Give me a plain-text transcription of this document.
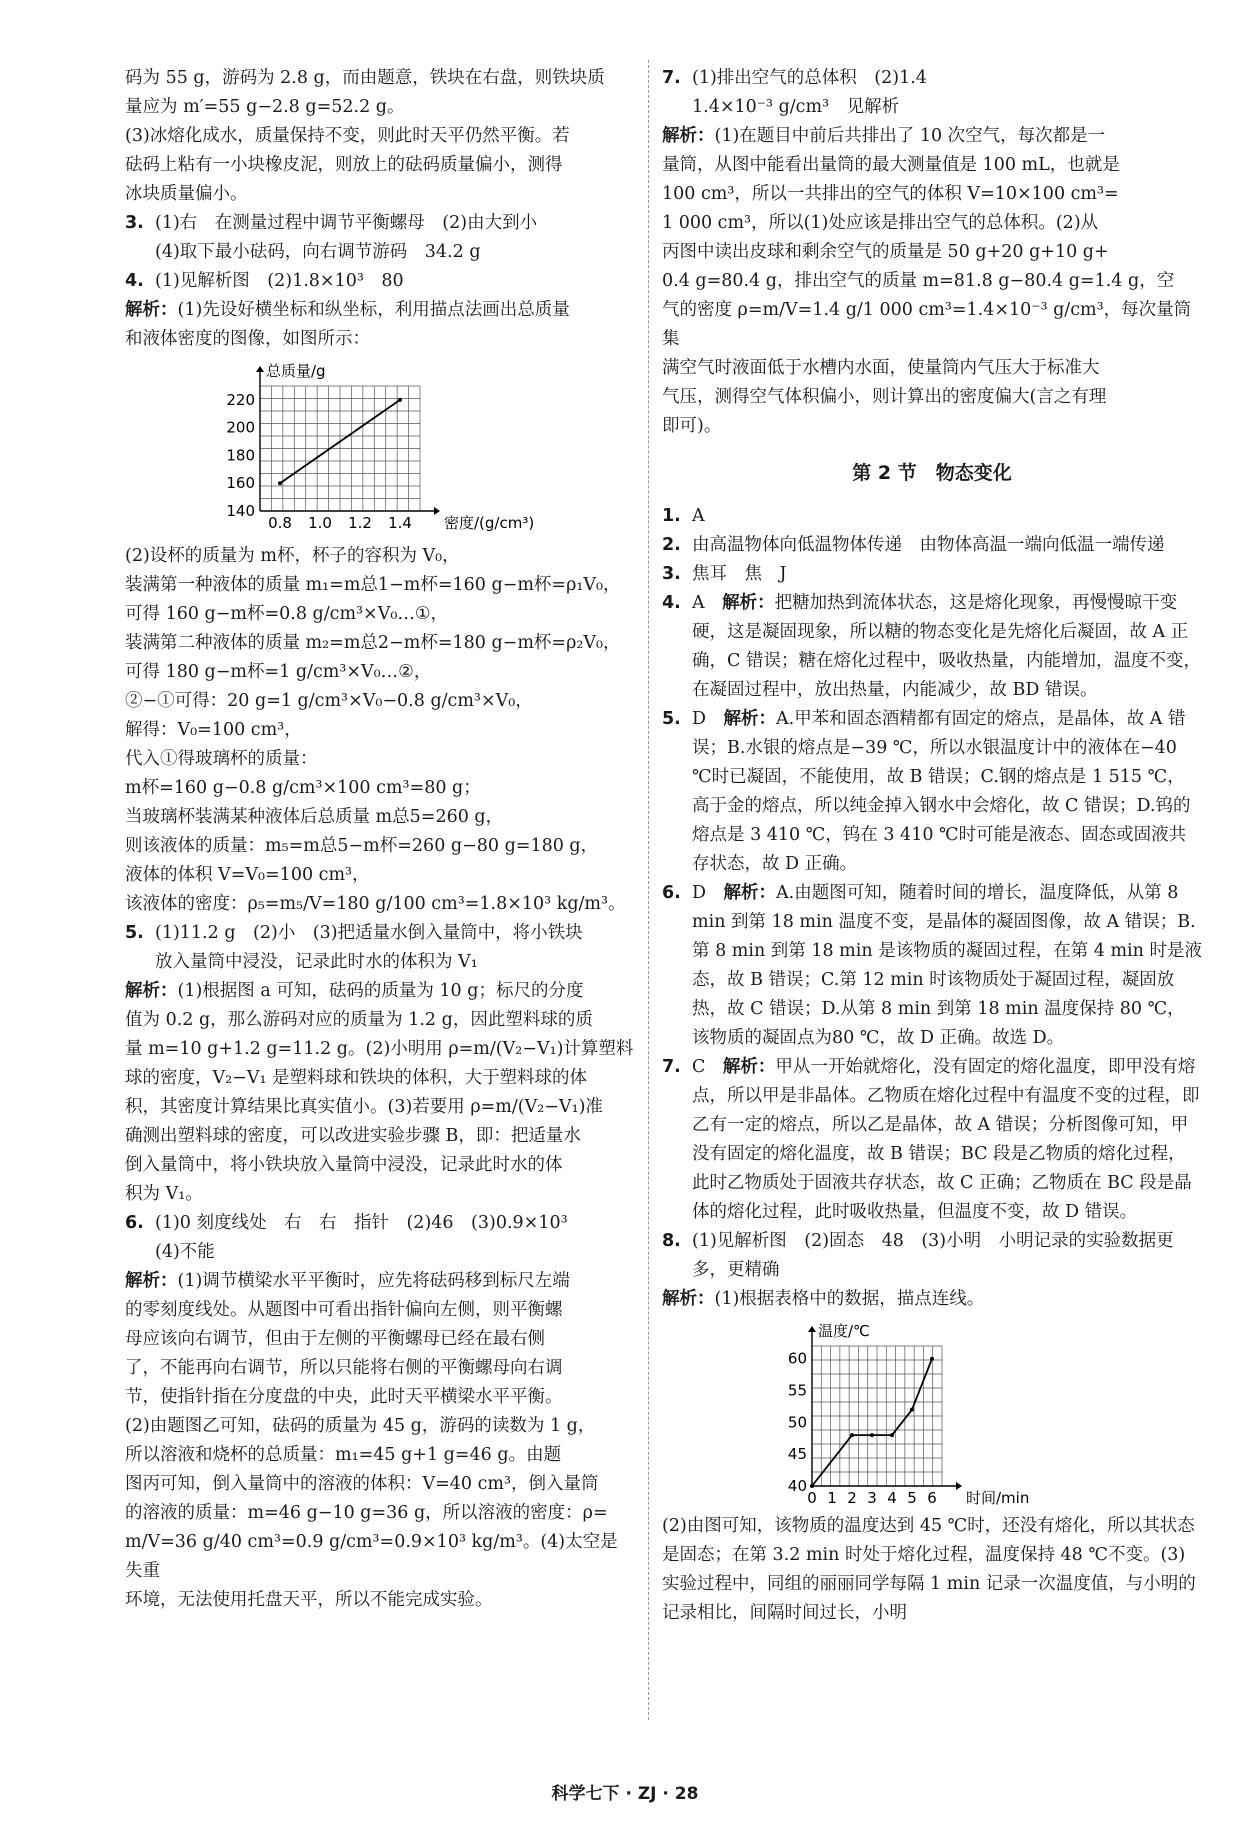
码为 55 g，游码为 2.8 g，而由题意，铁块在右盘，则铁块质

量应为 m′=55 g−2.8 g=52.2 g。

(3)冰熔化成水，质量保持不变，则此时天平仍然平衡。若

砝码上粘有一小块橡皮泥，则放上的砝码质量偏小，测得

冰块质量偏小。

3. (1)右　在测量过程中调节平衡螺母　(2)由大到小

(4)取下最小砝码，向右调节游码　34.2 g

4. (1)见解析图　(2)1.8×10³　80

解析：(1)先设好横坐标和纵坐标，利用描点法画出总质量

和液体密度的图像，如图所示：

0.8 1.0 1.2 1.4
140
160
180
200
220
总质量/g
密度/(g/cm³)

(2)设杯的质量为 m杯，杯子的容积为 V₀，

装满第一种液体的质量 m₁=m总1−m杯=160 g−m杯=ρ₁V₀，

可得 160 g−m杯=0.8 g/cm³×V₀…①，

装满第二种液体的质量 m₂=m总2−m杯=180 g−m杯=ρ₂V₀，

可得 180 g−m杯=1 g/cm³×V₀…②，

②−①可得：20 g=1 g/cm³×V₀−0.8 g/cm³×V₀，

解得：V₀=100 cm³，

代入①得玻璃杯的质量：

m杯=160 g−0.8 g/cm³×100 cm³=80 g；

当玻璃杯装满某种液体后总质量 m总5=260 g，

则该液体的质量：m₅=m总5−m杯=260 g−80 g=180 g，

液体的体积 V=V₀=100 cm³，

该液体的密度：ρ₅=m₅/V=180 g/100 cm³=1.8×10³ kg/m³。

5. (1)11.2 g　(2)小　(3)把适量水倒入量筒中，将小铁块

放入量筒中浸没，记录此时水的体积为 V₁

解析：(1)根据图 a 可知，砝码的质量为 10 g；标尺的分度

值为 0.2 g，那么游码对应的质量为 1.2 g，因此塑料球的质

量 m=10 g+1.2 g=11.2 g。(2)小明用 ρ=m/(V₂−V₁)计算塑料

球的密度，V₂−V₁ 是塑料球和铁块的体积，大于塑料球的体

积，其密度计算结果比真实值小。(3)若要用 ρ=m/(V₂−V₁)准

确测出塑料球的密度，可以改进实验步骤 B，即：把适量水

倒入量筒中，将小铁块放入量筒中浸没，记录此时水的体

积为 V₁。

6. (1)0 刻度线处　右　右　指针　(2)46　(3)0.9×10³

(4)不能

解析：(1)调节横梁水平平衡时，应先将砝码移到标尺左端

的零刻度线处。从题图中可看出指针偏向左侧，则平衡螺

母应该向右调节，但由于左侧的平衡螺母已经在最右侧

了，不能再向右调节，所以只能将右侧的平衡螺母向右调

节，使指针指在分度盘的中央，此时天平横梁水平平衡。

(2)由题图乙可知，砝码的质量为 45 g，游码的读数为 1 g，

所以溶液和烧杯的总质量：m₁=45 g+1 g=46 g。由题

图丙可知，倒入量筒中的溶液的体积：V=40 cm³，倒入量筒

的溶液的质量：m=46 g−10 g=36 g，所以溶液的密度：ρ=

m/V=36 g/40 cm³=0.9 g/cm³=0.9×10³ kg/m³。(4)太空是失重

环境，无法使用托盘天平，所以不能完成实验。

7. (1)排出空气的总体积　(2)1.4

1.4×10⁻³ g/cm³　见解析

解析：(1)在题目中前后共排出了 10 次空气，每次都是一

量筒，从图中能看出量筒的最大测量值是 100 mL，也就是

100 cm³，所以一共排出的空气的体积 V=10×100 cm³=

1 000 cm³，所以(1)处应该是排出空气的总体积。(2)从

丙图中读出皮球和剩余空气的质量是 50 g+20 g+10 g+

0.4 g=80.4 g，排出空气的质量 m=81.8 g−80.4 g=1.4 g，空

气的密度 ρ=m/V=1.4 g/1 000 cm³=1.4×10⁻³ g/cm³，每次量筒集

满空气时液面低于水槽内水面，使量筒内气压大于标准大

气压，测得空气体积偏小，则计算出的密度偏大(言之有理

即可)。

第 2 节　物态变化
1. A

2. 由高温物体向低温物体传递　由物体高温一端向低温一端传递

3. 焦耳　焦　J

4. A　解析：把糖加热到流体状态，这是熔化现象，再慢慢晾干变硬，这是凝固现象，所以糖的物态变化是先熔化后凝固，故 A 正确，C 错误；糖在熔化过程中，吸收热量，内能增加，温度不变，在凝固过程中，放出热量，内能减少，故 BD 错误。

5. D　解析：A.甲苯和固态酒精都有固定的熔点，是晶体，故 A 错误；B.水银的熔点是−39 ℃，所以水银温度计中的液体在−40 ℃时已凝固，不能使用，故 B 错误；C.钢的熔点是 1 515 ℃，高于金的熔点，所以纯金掉入钢水中会熔化，故 C 错误；D.钨的熔点是 3 410 ℃，钨在 3 410 ℃时可能是液态、固态或固液共存状态，故 D 正确。

6. D　解析：A.由题图可知，随着时间的增长，温度降低，从第 8 min 到第 18 min 温度不变，是晶体的凝固图像，故 A 错误；B.第 8 min 到第 18 min 是该物质的凝固过程，在第 4 min 时是液态，故 B 错误；C.第 12 min 时该物质处于凝固过程，凝固放热，故 C 错误；D.从第 8 min 到第 18 min 温度保持 80 ℃，该物质的凝固点为80 ℃，故 D 正确。故选 D。

7. C　解析：甲从一开始就熔化，没有固定的熔化温度，即甲没有熔点，所以甲是非晶体。乙物质在熔化过程中有温度不变的过程，即乙有一定的熔点，所以乙是晶体，故 A 错误；分析图像可知，甲没有固定的熔化温度，故 B 错误；BC 段是乙物质的熔化过程，此时乙物质处于固液共存状态，故 C 正确；乙物质在 BC 段是晶体的熔化过程，此时吸收热量，但温度不变，故 D 错误。

8. (1)见解析图　(2)固态　48　(3)小明　小明记录的实验数据更多，更精确

解析：(1)根据表格中的数据，描点连线。

0 1 2 3 4 5 6
40
45
50
55
60
温度/℃
时间/min

(2)由图可知，该物质的温度达到 45 ℃时，还没有熔化，所以其状态是固态；在第 3.2 min 时处于熔化过程，温度保持 48 ℃不变。(3)实验过程中，同组的丽丽同学每隔 1 min 记录一次温度值，与小明的记录相比，间隔时间过长，小明

科学七下 · ZJ · 28
